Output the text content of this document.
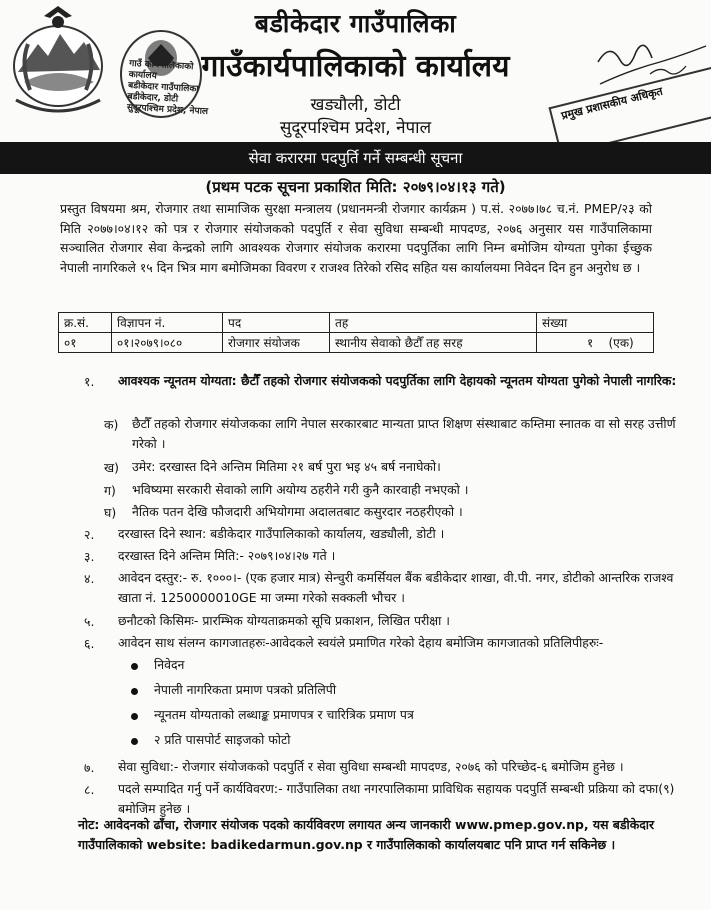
गाउँ कार्यपालिकाको
कार्यालय
बडीकेदार गाउँपालिका
बडीकेदार, डोटी
सुदूरपश्चिम प्रदेश, नेपाल
बडीकेदार गाउँपालिका
गाउँकार्यपालिकाको कार्यालय
खड्यौली, डोटी
सुदूरपश्चिम प्रदेश, नेपाल
प्रमुख प्रशासकीय अधिकृत
सेवा करारमा पदपुर्ति गर्ने सम्बन्धी सूचना
(प्रथम पटक सूचना प्रकाशित मिति: २०७९।०४।१३ गते)
प्रस्तुत विषयमा श्रम, रोजगार तथा सामाजिक सुरक्षा मन्त्रालय (प्रधानमन्त्री रोजगार कार्यक्रम ) प.सं. २०७७।७८ च.नं. PMEP/२३ को मिति २०७७।०४।१२ को पत्र र रोजगार संयोजकको पदपुर्ति र सेवा सुविधा सम्बन्धी मापदण्ड, २०७६ अनुसार यस गाउँपालिकामा सञ्चालित रोजगार सेवा केन्द्रको लागि आवश्यक रोजगार संयोजक करारमा पदपुर्तिका लागि निम्न बमोजिम योग्यता पुगेका ईच्छुक नेपाली नागरिकले १५ दिन भित्र माग बमोजिमका विवरण र राजश्व तिरेको रसिद सहित यस कार्यालयमा निवेदन दिन हुन अनुरोध छ ।
क्र.सं.	विज्ञापन नं.	पद	तह	संख्या
०१	०१।२०७९।०८०	रोजगार संयोजक	स्थानीय सेवाको छैटौँ तह सरह	१    (एक)
१. आवश्यक न्यूनतम योग्यता: छैटौँ तहको रोजगार संयोजकको पदपुर्तिका लागि देहायको न्यूनतम योग्यता पुगेको नेपाली नागरिक:
क) छैटौँ तहको रोजगार संयोजकका लागि नेपाल सरकारबाट मान्यता प्राप्त शिक्षण संस्थाबाट कम्तिमा स्नातक वा सो सरह उत्तीर्ण गरेको ।
ख) उमेर: दरखास्त दिने अन्तिम मितिमा २१ बर्ष पुरा भइ ४५ बर्ष ननाघेको।
ग) भविष्यमा सरकारी सेवाको लागि अयोग्य ठहरीने गरी कुनै कारवाही नभएको ।
घ) नैतिक पतन देखि फौजदारी अभियोगमा अदालतबाट कसुरदार नठहरीएको ।
२. दरखास्त दिने स्थान: बडीकेदार गाउँपालिकाको कार्यालय, खड्यौली, डोटी ।
३. दरखास्त दिने अन्तिम मिति:- २०७९।०४।२७ गते ।
४. आवेदन दस्तुर:- रु. १०००।- (एक हजार मात्र) सेन्चुरी कमर्सियल बैंक बडीकेदार शाखा, वी.पी. नगर, डोटीको आन्तरिक राजश्व खाता नं. 1250000010GE मा जम्मा गरेको सक्कली भौचर ।
५. छनौटको किसिमः- प्रारम्भिक योग्यताक्रमको सूचि प्रकाशन, लिखित परीक्षा ।
६. आवेदन साथ संलग्न कागजातहरुः-आवेदकले स्वयंले प्रमाणित गरेको देहाय बमोजिम कागजातको प्रतिलिपीहरुः-
निवेदन
नेपाली नागरिकता प्रमाण पत्रको प्रतिलिपी
न्यूनतम योग्यताको लब्धाङ्क प्रमाणपत्र र चारित्रिक प्रमाण पत्र
२ प्रति पासपोर्ट साइजको फोटो
७. सेवा सुविधा:- रोजगार संयोजकको पदपुर्ति र सेवा सुविधा सम्बन्धी मापदण्ड, २०७६ को परिच्छेद-६ बमोजिम हुनेछ ।
८. पदले सम्पादित गर्नु पर्ने कार्यविवरण:- गाउँपालिका तथा नगरपालिकामा प्राविधिक सहायक पदपुर्ति सम्बन्धी प्रक्रिया को दफा(९) बमोजिम हुनेछ ।
नोट: आवेदनको ढाँचा, रोजगार संयोजक पदको कार्यविवरण लगायत अन्य जानकारी www.pmep.gov.np, यस बडीकेदार गाउँपालिकाको website: badikedarmun.gov.np र गाउँपालिकाको कार्यालयबाट पनि प्राप्त गर्न सकिनेछ ।
